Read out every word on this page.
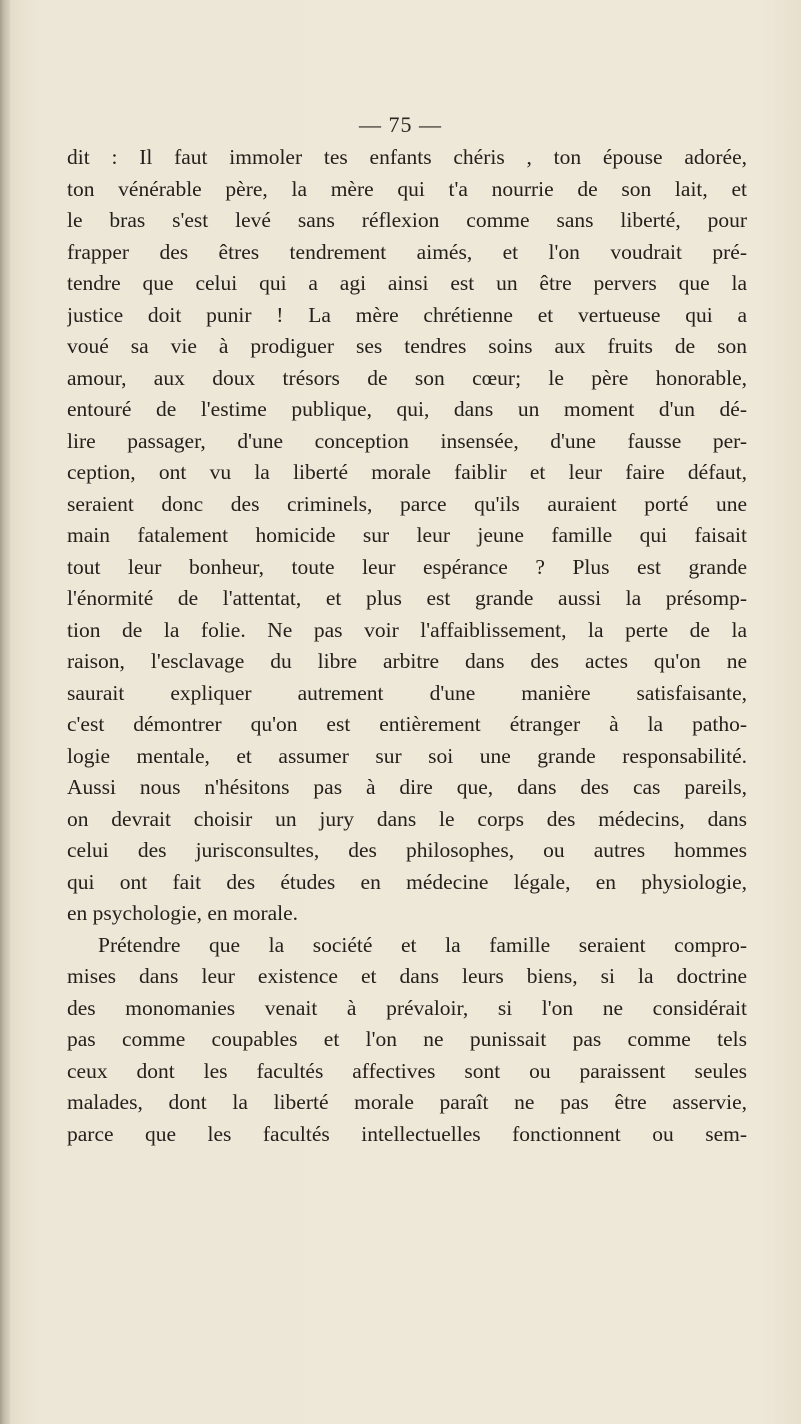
— 75 —
dit : Il faut immoler tes enfants chéris , ton épouse adorée,
ton vénérable père, la mère qui t'a nourrie de son lait, et
le bras s'est levé sans réflexion comme sans liberté, pour
frapper des êtres tendrement aimés, et l'on voudrait pré-
tendre que celui qui a agi ainsi est un être pervers que la
justice doit punir ! La mère chrétienne et vertueuse qui a
voué sa vie à prodiguer ses tendres soins aux fruits de son
amour, aux doux trésors de son cœur; le père honorable,
entouré de l'estime publique, qui, dans un moment d'un dé-
lire passager, d'une conception insensée, d'une fausse per-
ception, ont vu la liberté morale faiblir et leur faire défaut,
seraient donc des criminels, parce qu'ils auraient porté une
main fatalement homicide sur leur jeune famille qui faisait
tout leur bonheur, toute leur espérance ? Plus est grande
l'énormité de l'attentat, et plus est grande aussi la présomp-
tion de la folie. Ne pas voir l'affaiblissement, la perte de la
raison, l'esclavage du libre arbitre dans des actes qu'on ne
saurait expliquer autrement d'une manière satisfaisante,
c'est démontrer qu'on est entièrement étranger à la patho-
logie mentale, et assumer sur soi une grande responsabilité.
Aussi nous n'hésitons pas à dire que, dans des cas pareils,
on devrait choisir un jury dans le corps des médecins, dans
celui des jurisconsultes, des philosophes, ou autres hommes
qui ont fait des études en médecine légale, en physiologie,
en psychologie, en morale.
Prétendre que la société et la famille seraient compro-
mises dans leur existence et dans leurs biens, si la doctrine
des monomanies venait à prévaloir, si l'on ne considérait
pas comme coupables et l'on ne punissait pas comme tels
ceux dont les facultés affectives sont ou paraissent seules
malades, dont la liberté morale paraît ne pas être asservie,
parce que les facultés intellectuelles fonctionnent ou sem-
